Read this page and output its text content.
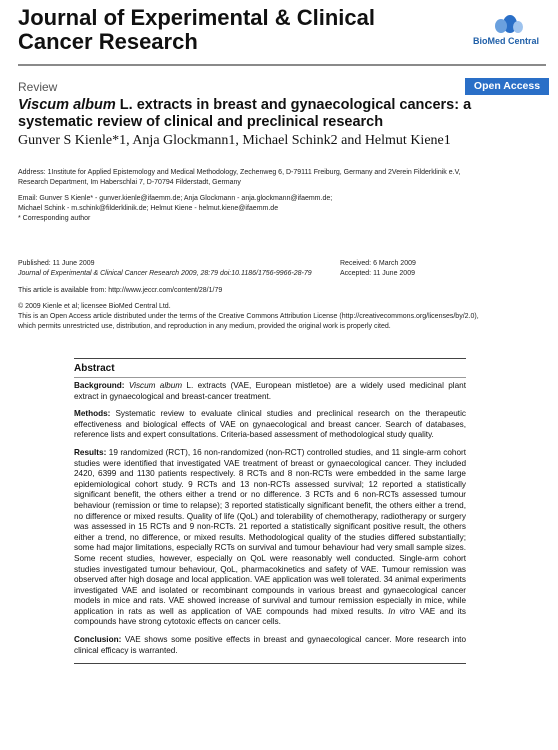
Journal of Experimental & Clinical
Cancer Research	BioMed Central
Review	Open Access
Viscum album L. extracts in breast and gynaecological cancers: a systematic review of clinical and preclinical research
Gunver S Kienle*1, Anja Glockmann1, Michael Schink2 and Helmut Kiene1
Address: 1Institute for Applied Epistemology and Medical Methodology, Zechenweg 6, D-79111 Freiburg, Germany and 2Verein Filderklinik e.V,
Research Department, Im Haberschlai 7, D-70794 Filderstadt, Germany
Email: Gunver S Kienle* - gunver.kienle@ifaemm.de; Anja Glockmann - anja.glockmann@ifaemm.de;
Michael Schink - m.schink@filderklinik.de; Helmut Kiene - helmut.kiene@ifaemm.de
* Corresponding author
Published: 11 June 2009	Received: 6 March 2009
Journal of Experimental & Clinical Cancer Research 2009, 28:79 doi:10.1186/1756-9966-28-79	Accepted: 11 June 2009
This article is available from: http://www.jeccr.com/content/28/1/79
© 2009 Kienle et al; licensee BioMed Central Ltd.
This is an Open Access article distributed under the terms of the Creative Commons Attribution License (http://creativecommons.org/licenses/by/2.0),
which permits unrestricted use, distribution, and reproduction in any medium, provided the original work is properly cited.
Abstract

Background: Viscum album L. extracts (VAE, European mistletoe) are a widely used medicinal plant extract in gynaecological and breast-cancer treatment.

Methods: Systematic review to evaluate clinical studies and preclinical research on the therapeutic effectiveness and biological effects of VAE on gynaecological and breast cancer. Search of databases, reference lists and expert consultations. Criteria-based assessment of methodological study quality.

Results: 19 randomized (RCT), 16 non-randomized (non-RCT) controlled studies, and 11 single-arm cohort studies were identified that investigated VAE treatment of breast or gynaecological cancer. They included 2420, 6399 and 1130 patients respectively. 8 RCTs and 8 non-RCTs were embedded in the same large epidemiological cohort study. 9 RCTs and 13 non-RCTs assessed survival; 12 reported a statistically significant benefit, the others either a trend or no difference. 3 RCTs and 6 non-RCTs assessed tumour behaviour (remission or time to relapse); 3 reported statistically significant benefit, the others either a trend, no difference or mixed results. Quality of life (QoL) and tolerability of chemotherapy, radiotherapy or surgery was assessed in 15 RCTs and 9 non-RCTs. 21 reported a statistically significant positive result, the others either a trend, no difference, or mixed results. Methodological quality of the studies differed substantially; some had major limitations, especially RCTs on survival and tumour behaviour had very small sample sizes. Some recent studies, however, especially on QoL were reasonably well conducted. Single-arm cohort studies investigated tumour behaviour, QoL, pharmacokinetics and safety of VAE. Tumour remission was observed after high dosage and local application. VAE application was well tolerated. 34 animal experiments investigated VAE and isolated or recombinant compounds in various breast and gynaecological cancer models in mice and rats. VAE showed increase of survival and tumour remission especially in mice, while application in rats as well as application of VAE compounds had mixed results. In vitro VAE and its compounds have strong cytotoxic effects on cancer cells.

Conclusion: VAE shows some positive effects in breast and gynaecological cancer. More research into clinical efficacy is warranted.
